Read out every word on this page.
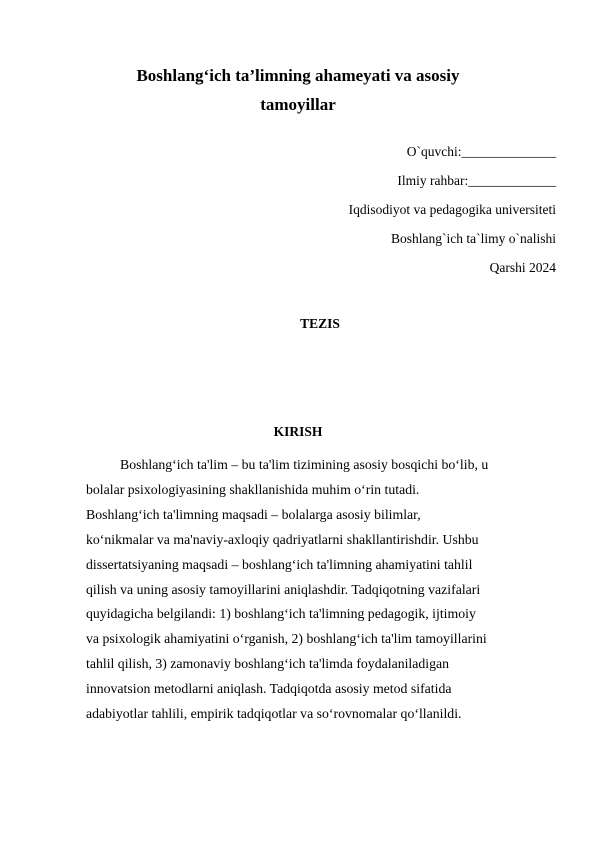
Boshlang‘ich ta’limning ahameyati va asosiy
tamoyillar
O`quvchi:______________
Ilmiy rahbar:_____________
Iqdisodiyot va pedagogika universiteti
Boshlang`ich ta`limy o`nalishi
Qarshi 2024
TEZIS
KIRISH

Boshlang‘ich ta'lim – bu ta'lim tizimining asosiy bosqichi bo‘lib, u
bolalar psixologiyasining shakllanishida muhim o‘rin tutadi.
Boshlang‘ich ta'limning maqsadi – bolalarga asosiy bilimlar,
ko‘nikmalar va ma'naviy-axloqiy qadriyatlarni shakllantirishdir. Ushbu
dissertatsiyaning maqsadi – boshlang‘ich ta'limning ahamiyatini tahlil
qilish va uning asosiy tamoyillarini aniqlashdir. Tadqiqotning vazifalari
quyidagicha belgilandi: 1) boshlang‘ich ta'limning pedagogik, ijtimoiy
va psixologik ahamiyatini o‘rganish, 2) boshlang‘ich ta'lim tamoyillarini
tahlil qilish, 3) zamonaviy boshlang‘ich ta'limda foydalaniladigan
innovatsion metodlarni aniqlash. Tadqiqotda asosiy metod sifatida
adabiyotlar tahlili, empirik tadqiqotlar va so‘rovnomalar qo‘llanildi.
